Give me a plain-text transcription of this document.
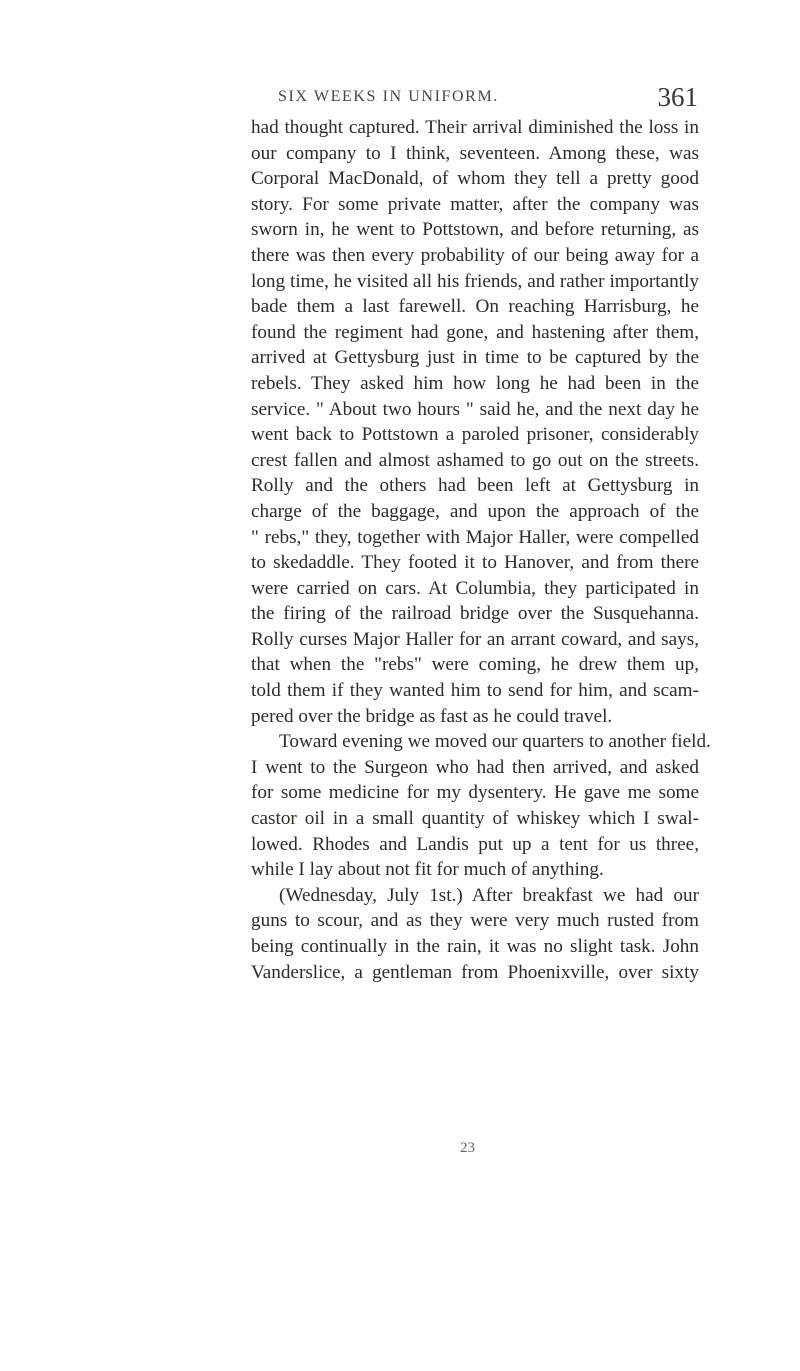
SIX WEEKS IN UNIFORM.	361
had thought captured. Their arrival diminished the loss in
our company to I think, seventeen. Among these, was
Corporal MacDonald, of whom they tell a pretty good
story. For some private matter, after the company was
sworn in, he went to Pottstown, and before returning, as
there was then every probability of our being away for a
long time, he visited all his friends, and rather importantly
bade them a last farewell. On reaching Harrisburg, he
found the regiment had gone, and hastening after them,
arrived at Gettysburg just in time to be captured by the
rebels. They asked him how long he had been in the
service. " About two hours " said he, and the next day he
went back to Pottstown a paroled prisoner, considerably
crest fallen and almost ashamed to go out on the streets.
Rolly and the others had been left at Gettysburg in
charge of the baggage, and upon the approach of the
" rebs," they, together with Major Haller, were compelled
to skedaddle. They footed it to Hanover, and from there
were carried on cars. At Columbia, they participated in
the firing of the railroad bridge over the Susquehanna.
Rolly curses Major Haller for an arrant coward, and says,
that when the "rebs" were coming, he drew them up,
told them if they wanted him to send for him, and scam-
pered over the bridge as fast as he could travel.
Toward evening we moved our quarters to another field.
I went to the Surgeon who had then arrived, and asked
for some medicine for my dysentery. He gave me some
castor oil in a small quantity of whiskey which I swal-
lowed. Rhodes and Landis put up a tent for us three,
while I lay about not fit for much of anything.
(Wednesday, July 1st.) After breakfast we had our
guns to scour, and as they were very much rusted from
being continually in the rain, it was no slight task. John
Vanderslice, a gentleman from Phoenixville, over sixty
23
